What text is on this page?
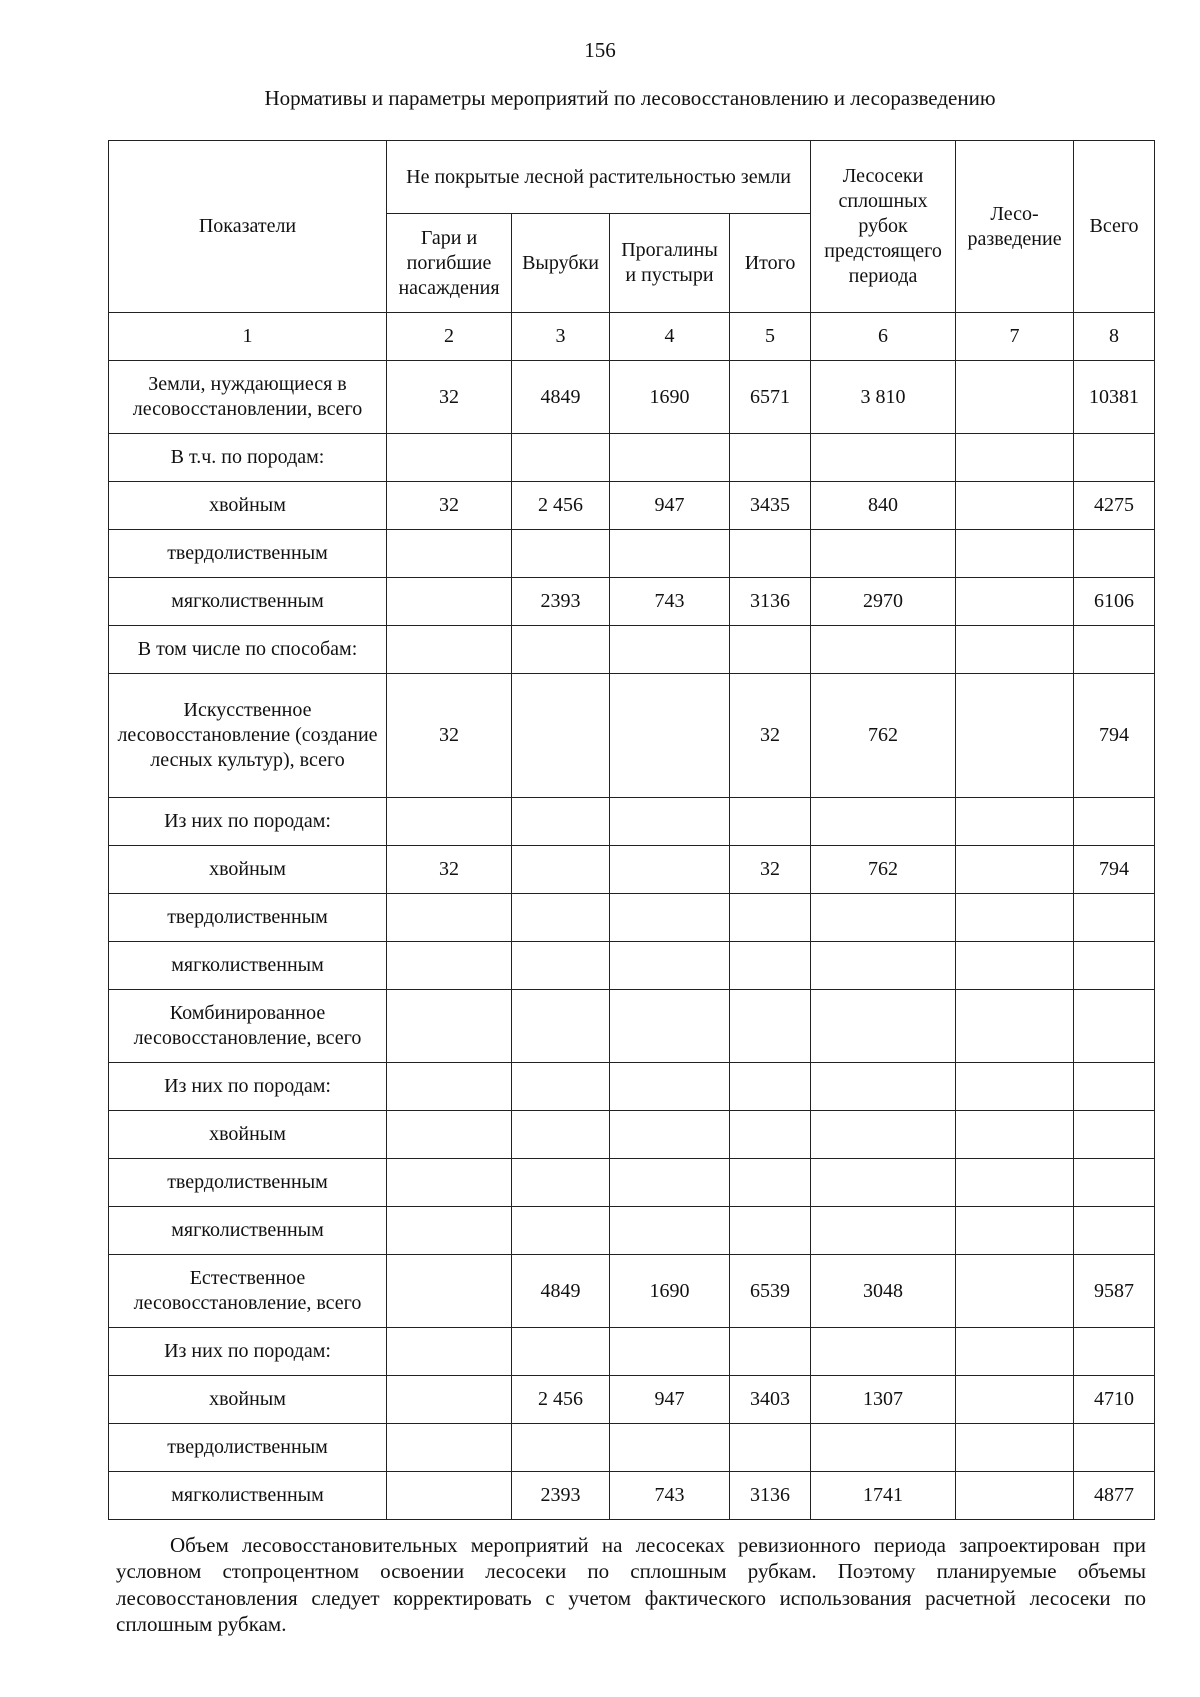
156
Нормативы и параметры мероприятий по лесовосстановлению и лесоразведению
Показатели	Не покрытые лесной растительностью земли				Лесосеки сплошных рубок предстоящего периода	Лесо-разведение	Всего
	Гари и погибшие насаждения	Вырубки	Прогалины и пустыри	Итого			
1	2	3	4	5	6	7	8
Земли, нуждающиеся в лесовосстановлении, всего	32	4849	1690	6571	3 810		10381
В т.ч. по породам:							
хвойным	32	2 456	947	3435	840		4275
твердолиственным							
мягколиственным		2393	743	3136	2970		6106
В том числе по способам:							
Искусственное лесовосстановление (создание лесных культур), всего	32			32	762		794
Из них по породам:							
хвойным	32			32	762		794
твердолиственным							
мягколиственным							
Комбинированное лесовосстановление, всего							
Из них по породам:							
хвойным							
твердолиственным							
мягколиственным							
Естественное лесовосстановление, всего		4849	1690	6539	3048		9587
Из них по породам:							
хвойным		2 456	947	3403	1307		4710
твердолиственным							
мягколиственным		2393	743	3136	1741		4877
Объем лесовосстановительных мероприятий на лесосеках ревизионного периода запроектирован при условном стопроцентном освоении лесосеки по сплошным рубкам. Поэтому планируемые объемы лесовосстановления следует корректировать с учетом фактического использования расчетной лесосеки по сплошным рубкам.
